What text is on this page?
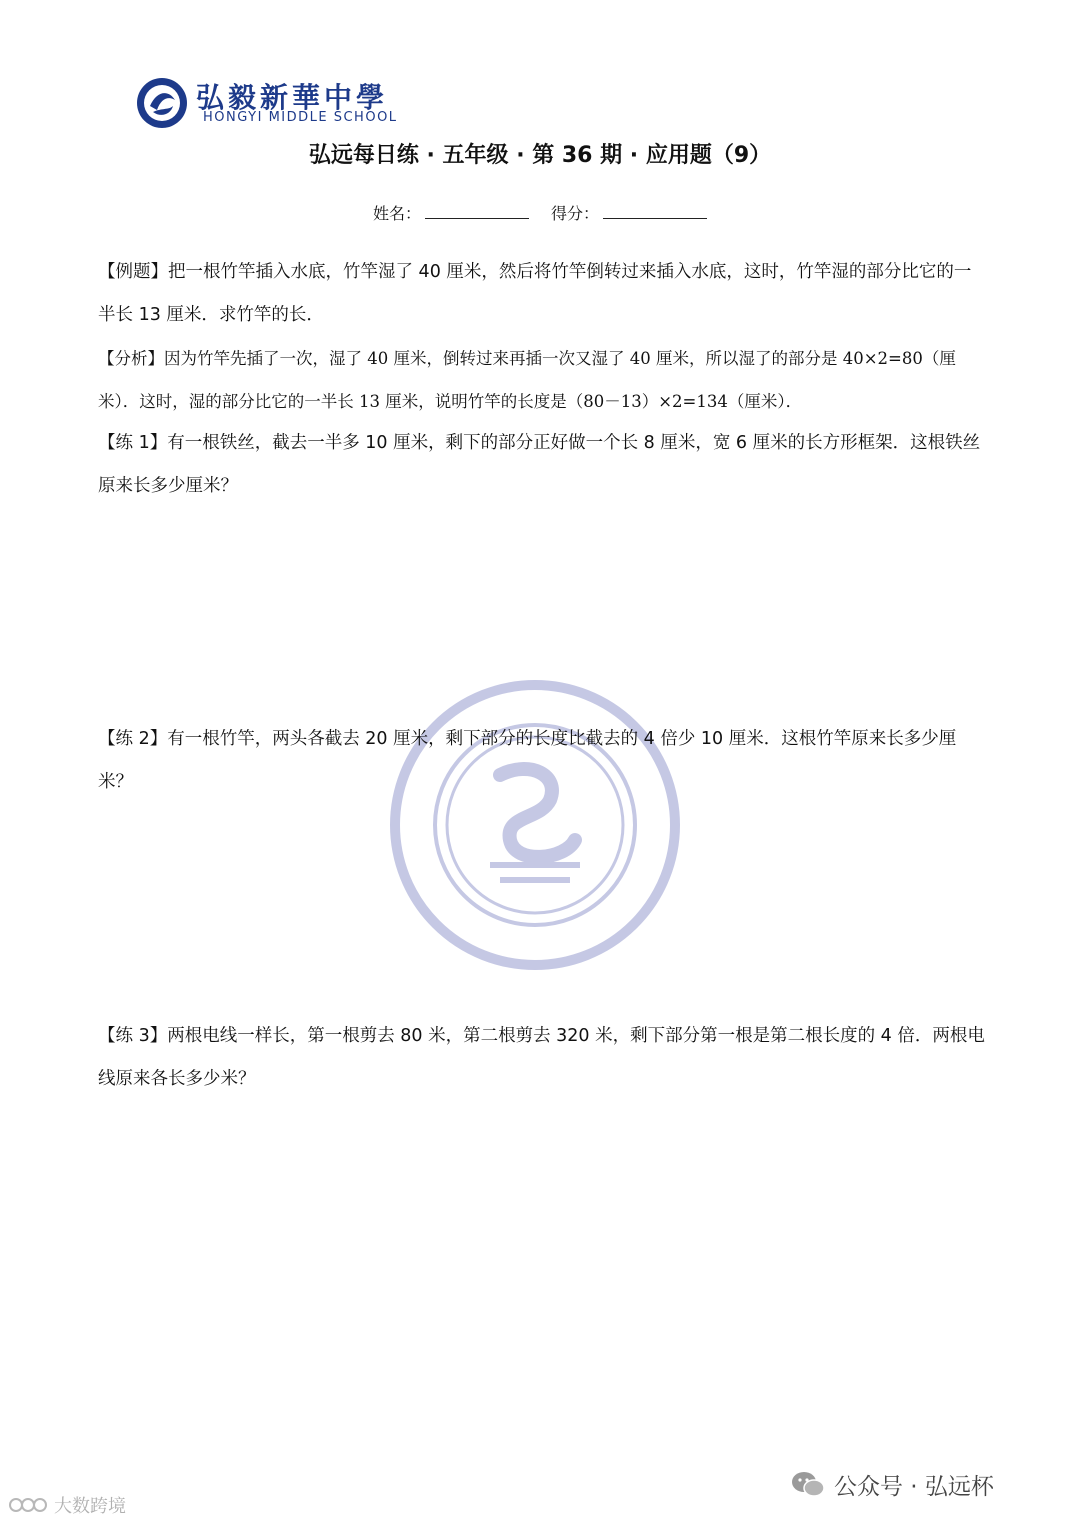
弘毅新華中學
HONGYI MIDDLE SCHOOL
弘远每日练 · 五年级 · 第 36 期 · 应用题（9）
姓名：	得分：
【例题】把一根竹竿插入水底，竹竿湿了 40 厘米，然后将竹竿倒转过来插入水底，这时，竹竿湿的部分比它的一半长 13 厘米．求竹竿的长．
【分析】因为竹竿先插了一次，湿了 40 厘米，倒转过来再插一次又湿了 40 厘米，所以湿了的部分是 40×2=80（厘米）．这时，湿的部分比它的一半长 13 厘米，说明竹竿的长度是（80－13）×2=134（厘米）．
【练 1】有一根铁丝，截去一半多 10 厘米，剩下的部分正好做一个长 8 厘米，宽 6 厘米的长方形框架．这根铁丝原来长多少厘米？
【练 2】有一根竹竿，两头各截去 20 厘米，剩下部分的长度比截去的 4 倍少 10 厘米．这根竹竿原来长多少厘米？
【练 3】两根电线一样长，第一根剪去 80 米，第二根剪去 320 米，剩下部分第一根是第二根长度的 4 倍．两根电线原来各长多少米？
公众号 · 弘远杯
大数跨境
